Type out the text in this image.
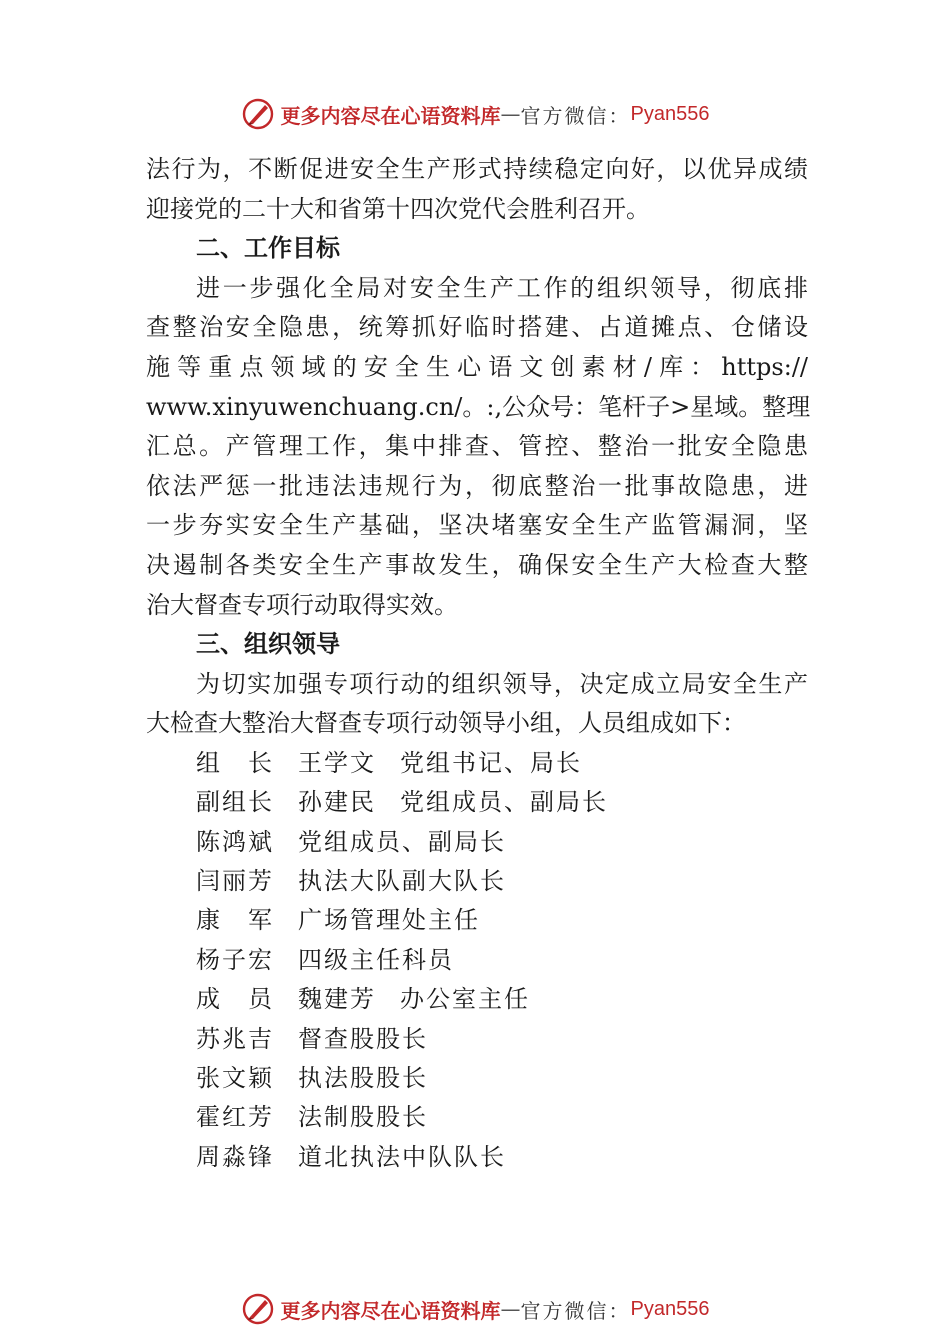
更多内容尽在心语资料库 — 官方微信： Pyan556
法行为，不断促进安全生产形式持续稳定向好，以优异成绩
迎接党的二十大和省第十四次党代会胜利召开。
二、工作目标
进一步强化全局对安全生产工作的组织领导，彻底排
查整治安全隐患，统筹抓好临时搭建、占道摊点、仓储设
施等重点领域的安全生心语文创素材/库：https://
www.xinyuwenchuang.cn/。:,公众号：笔杆子>星域。整理
汇总。产管理工作，集中排查、管控、整治一批安全隐患
依法严惩一批违法违规行为，彻底整治一批事故隐患，进
一步夯实安全生产基础，坚决堵塞安全生产监管漏洞，坚
决遏制各类安全生产事故发生，确保安全生产大检查大整
治大督查专项行动取得实效。
三、组织领导
为切实加强专项行动的组织领导，决定成立局安全生产
大检查大整治大督查专项行动领导小组，人员组成如下：
组　长 王学文 党组书记、局长
副组长 孙建民 党组成员、副局长
陈鸿斌 党组成员、副局长
闫丽芳 执法大队副大队长
康　军 广场管理处主任
杨子宏 四级主任科员
成　员 魏建芳 办公室主任
苏兆吉 督查股股长
张文颖 执法股股长
霍红芳 法制股股长
周淼锋 道北执法中队队长
更多内容尽在心语资料库 — 官方微信： Pyan556
